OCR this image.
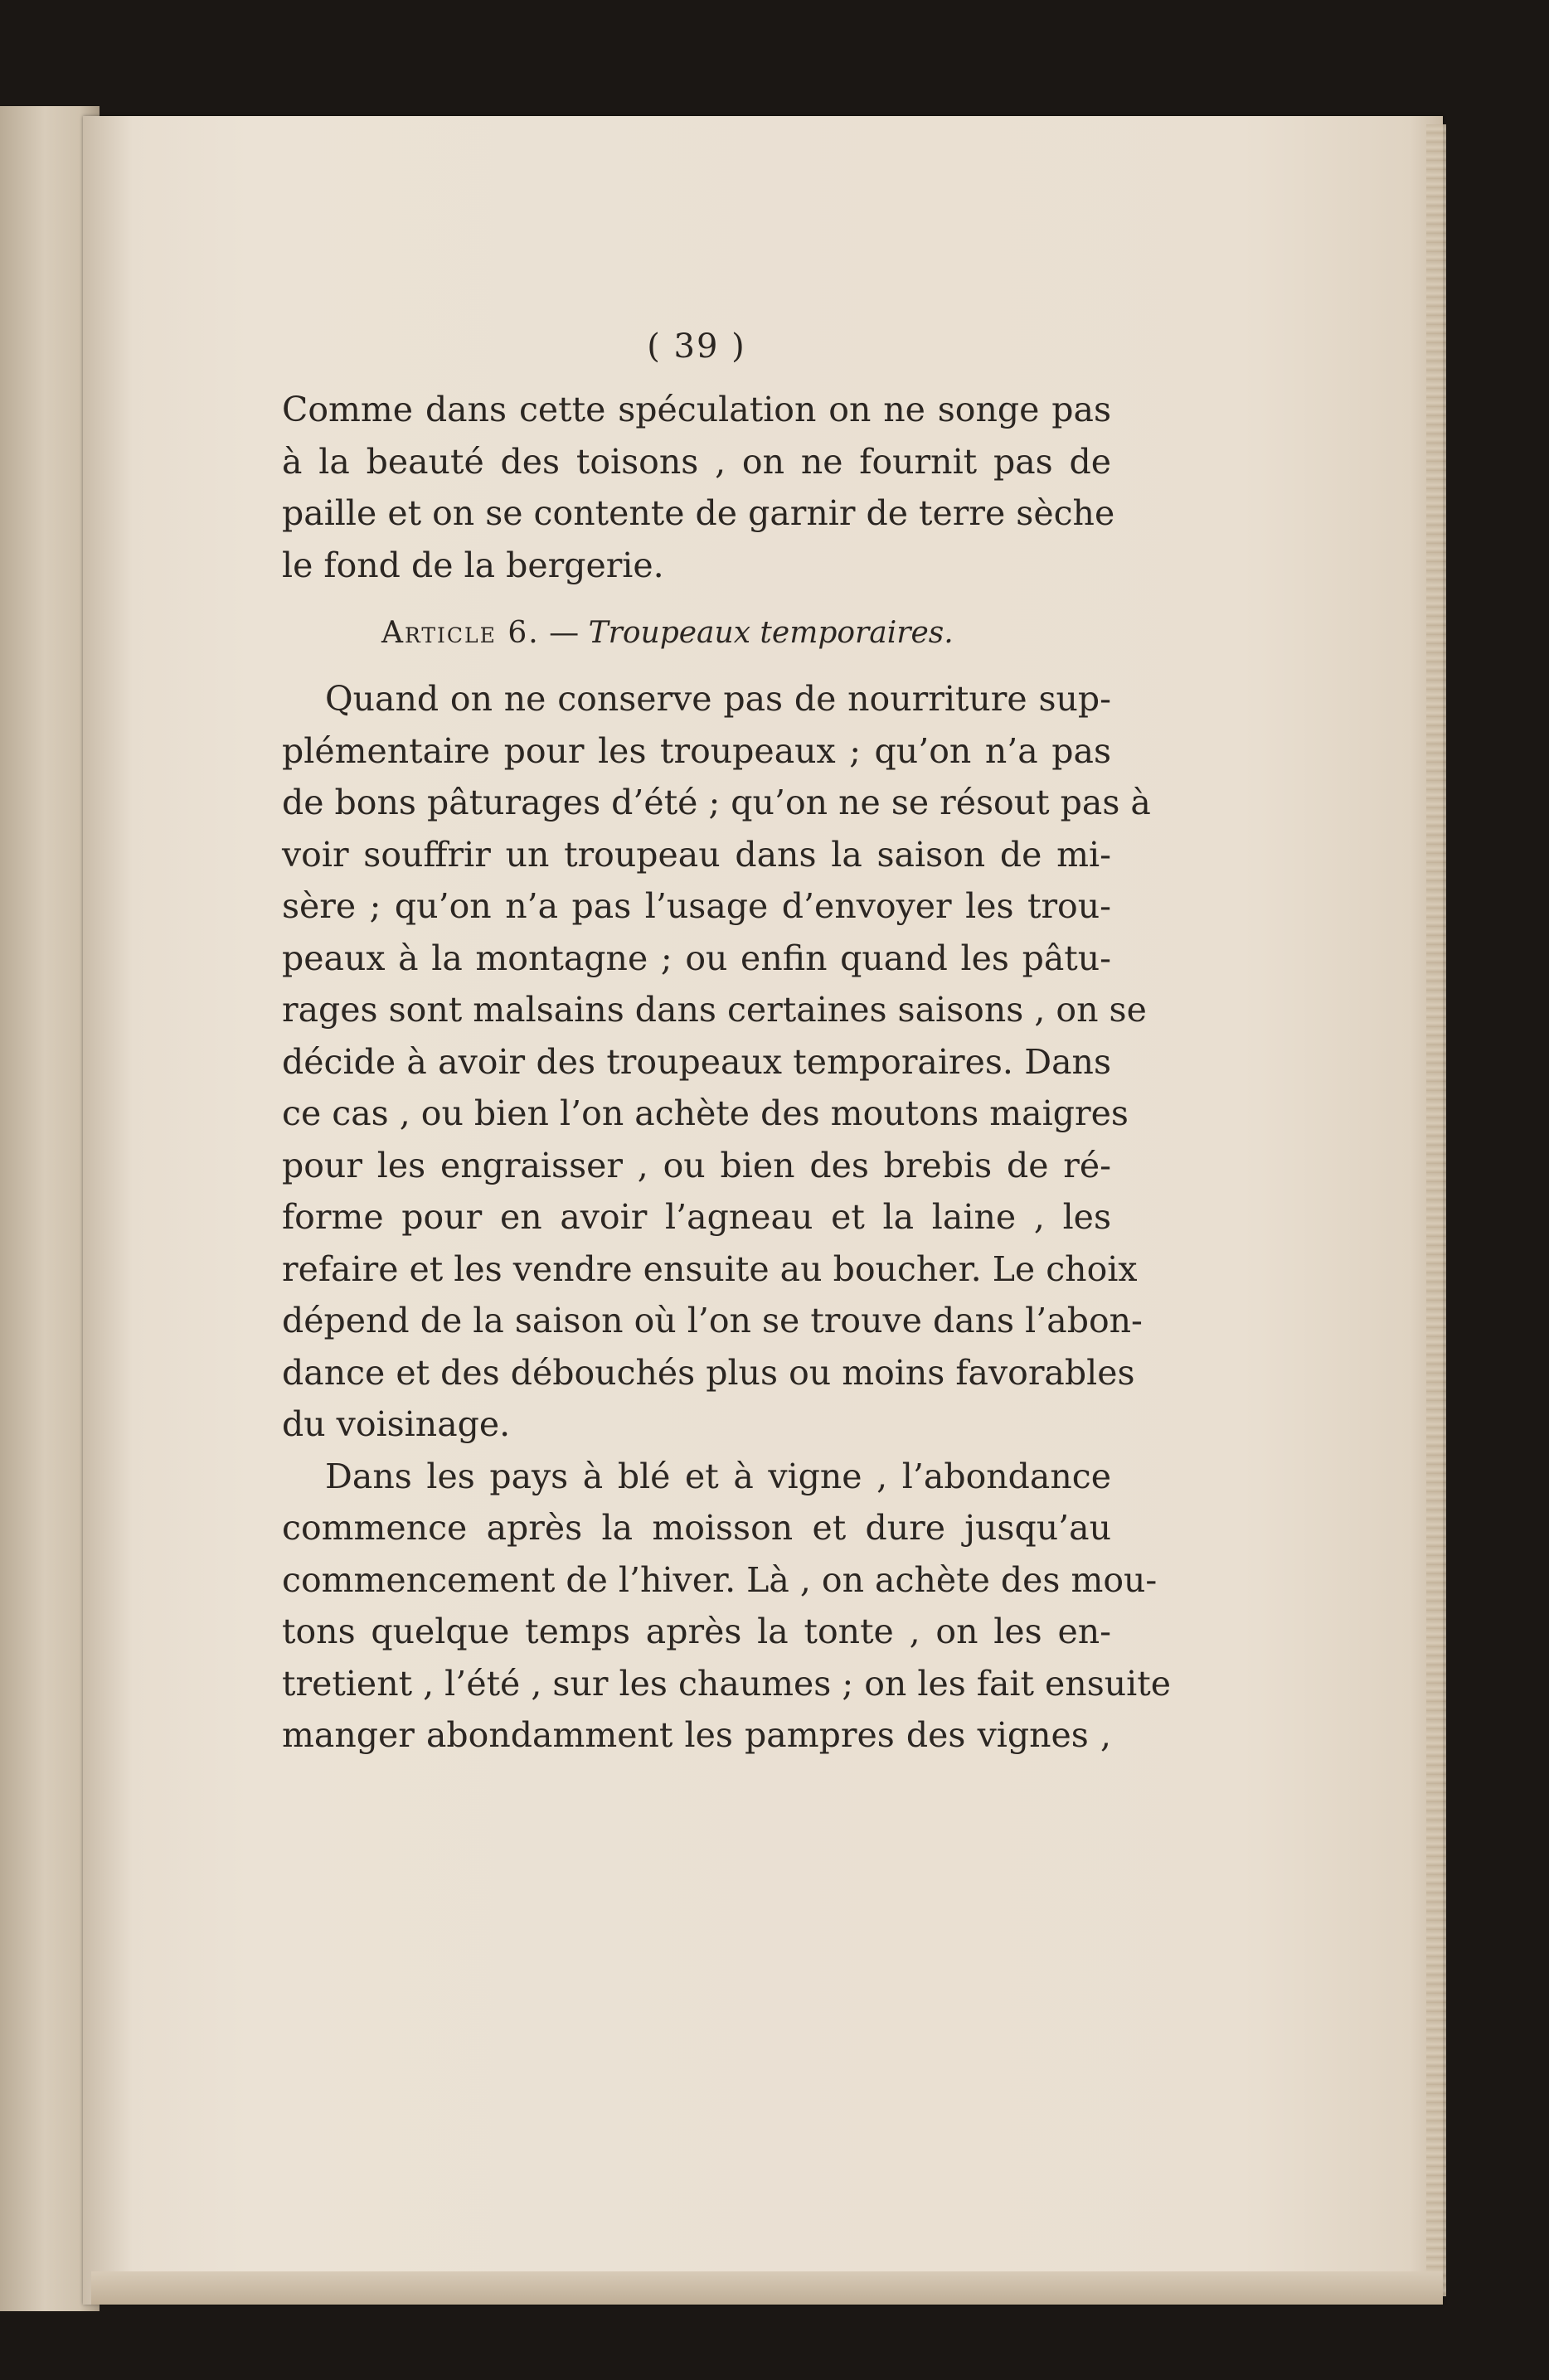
( 39 )
Comme dans cette spéculation on ne songe pas
à la beauté des toisons , on ne fournit pas de
paille et on se contente de garnir de terre sèche
le fond de la bergerie.
Article 6. — Troupeaux temporaires.
Quand on ne conserve pas de nourriture sup-
plémentaire pour les troupeaux ; qu’on n’a pas
de bons pâturages d’été ; qu’on ne se résout pas à
voir souffrir un troupeau dans la saison de mi-
sère ; qu’on n’a pas l’usage d’envoyer les trou-
peaux à la montagne ; ou enfin quand les pâtu-
rages sont malsains dans certaines saisons , on se
décide à avoir des troupeaux temporaires. Dans
ce cas , ou bien l’on achète des moutons maigres
pour les engraisser , ou bien des brebis de ré-
forme pour en avoir l’agneau et la laine , les
refaire et les vendre ensuite au boucher. Le choix
dépend de la saison où l’on se trouve dans l’abon-
dance et des débouchés plus ou moins favorables
du voisinage.
Dans les pays à blé et à vigne , l’abondance
commence après la moisson et dure jusqu’au
commencement de l’hiver. Là , on achète des mou-
tons quelque temps après la tonte , on les en-
tretient , l’été , sur les chaumes ; on les fait ensuite
manger abondamment les pampres des vignes ,
